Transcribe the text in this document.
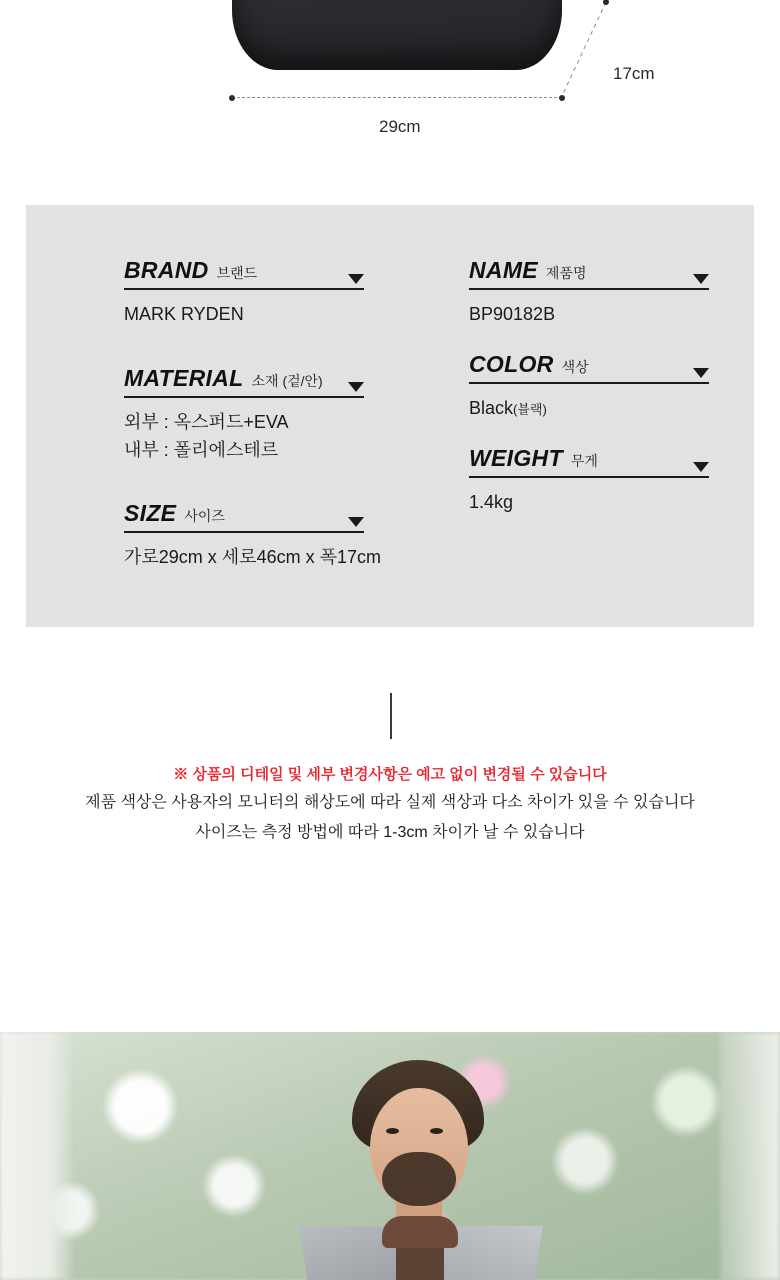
29cm
17cm
BRAND 브랜드
MARK RYDEN
MATERIAL 소재 (겉/안)
외부 : 옥스퍼드+EVA
내부 : 폴리에스테르
SIZE 사이즈
가로29cm x 세로46cm x 폭17cm
NAME 제품명
BP90182B
COLOR 색상
Black(블랙)
WEIGHT 무게
1.4kg
※ 상품의 디테일 및 세부 변경사항은 예고 없이 변경될 수 있습니다
제품 색상은 사용자의 모니터의 해상도에 따라 실제 색상과 다소 차이가 있을 수 있습니다
사이즈는 측정 방법에 따라 1-3cm 차이가 날 수 있습니다
